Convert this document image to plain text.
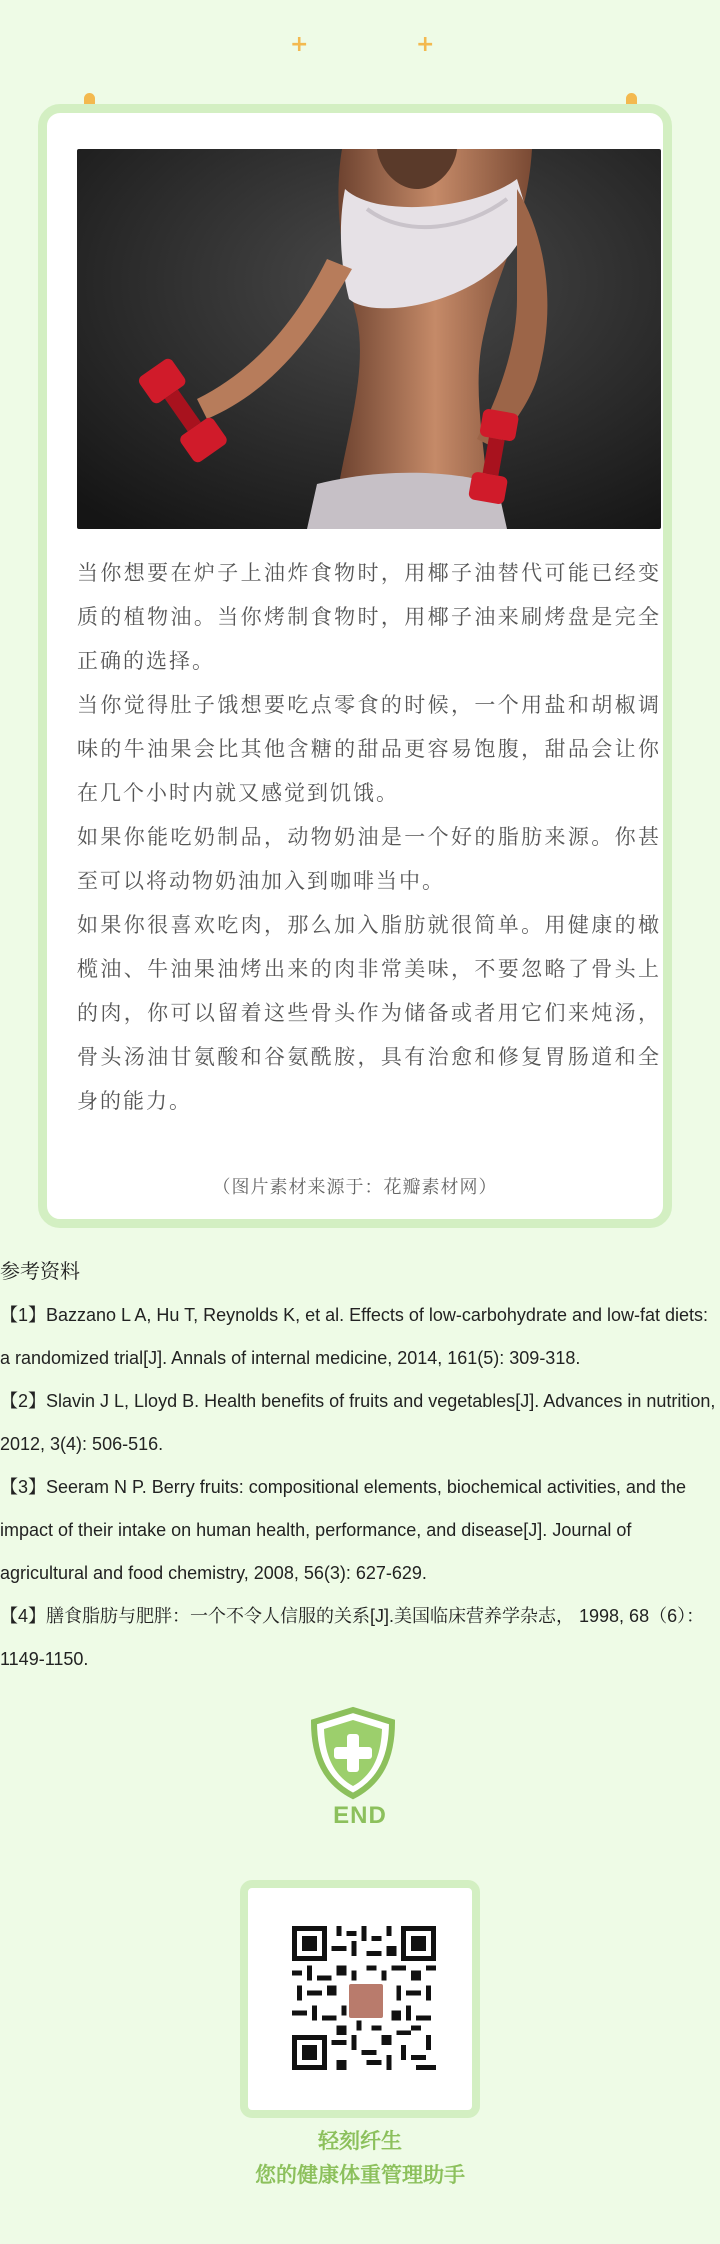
+	+

当你想要在炉子上油炸食物时，用椰子油替代可能已经变质的植物油。当你烤制食物时，用椰子油来刷烤盘是完全正确的选择。

当你觉得肚子饿想要吃点零食的时候，一个用盐和胡椒调味的牛油果会比其他含糖的甜品更容易饱腹，甜品会让你在几个小时内就又感觉到饥饿。

如果你能吃奶制品，动物奶油是一个好的脂肪来源。你甚至可以将动物奶油加入到咖啡当中。

如果你很喜欢吃肉，那么加入脂肪就很简单。用健康的橄榄油、牛油果油烤出来的肉非常美味，不要忽略了骨头上的肉，你可以留着这些骨头作为储备或者用它们来炖汤，骨头汤油甘氨酸和谷氨酰胺，具有治愈和修复胃肠道和全身的能力。

（图片素材来源于：花瓣素材网）

参考资料

【1】Bazzano L A, Hu T, Reynolds K, et al. Effects of low-carbohydrate and low-fat diets: a randomized trial[J]. Annals of internal medicine, 2014, 161(5): 309-318.

【2】Slavin J L, Lloyd B. Health benefits of fruits and vegetables[J]. Advances in nutrition, 2012, 3(4): 506-516.

【3】Seeram N P. Berry fruits: compositional elements, biochemical activities, and the impact of their intake on human health, performance, and disease[J]. Journal of agricultural and food chemistry, 2008, 56(3): 627-629.

【4】膳食脂肪与肥胖：一个不令人信服的关系[J].美国临床营养学杂志， 1998, 68（6）： 1149-1150.

END
轻刻纤生
您的健康体重管理助手
